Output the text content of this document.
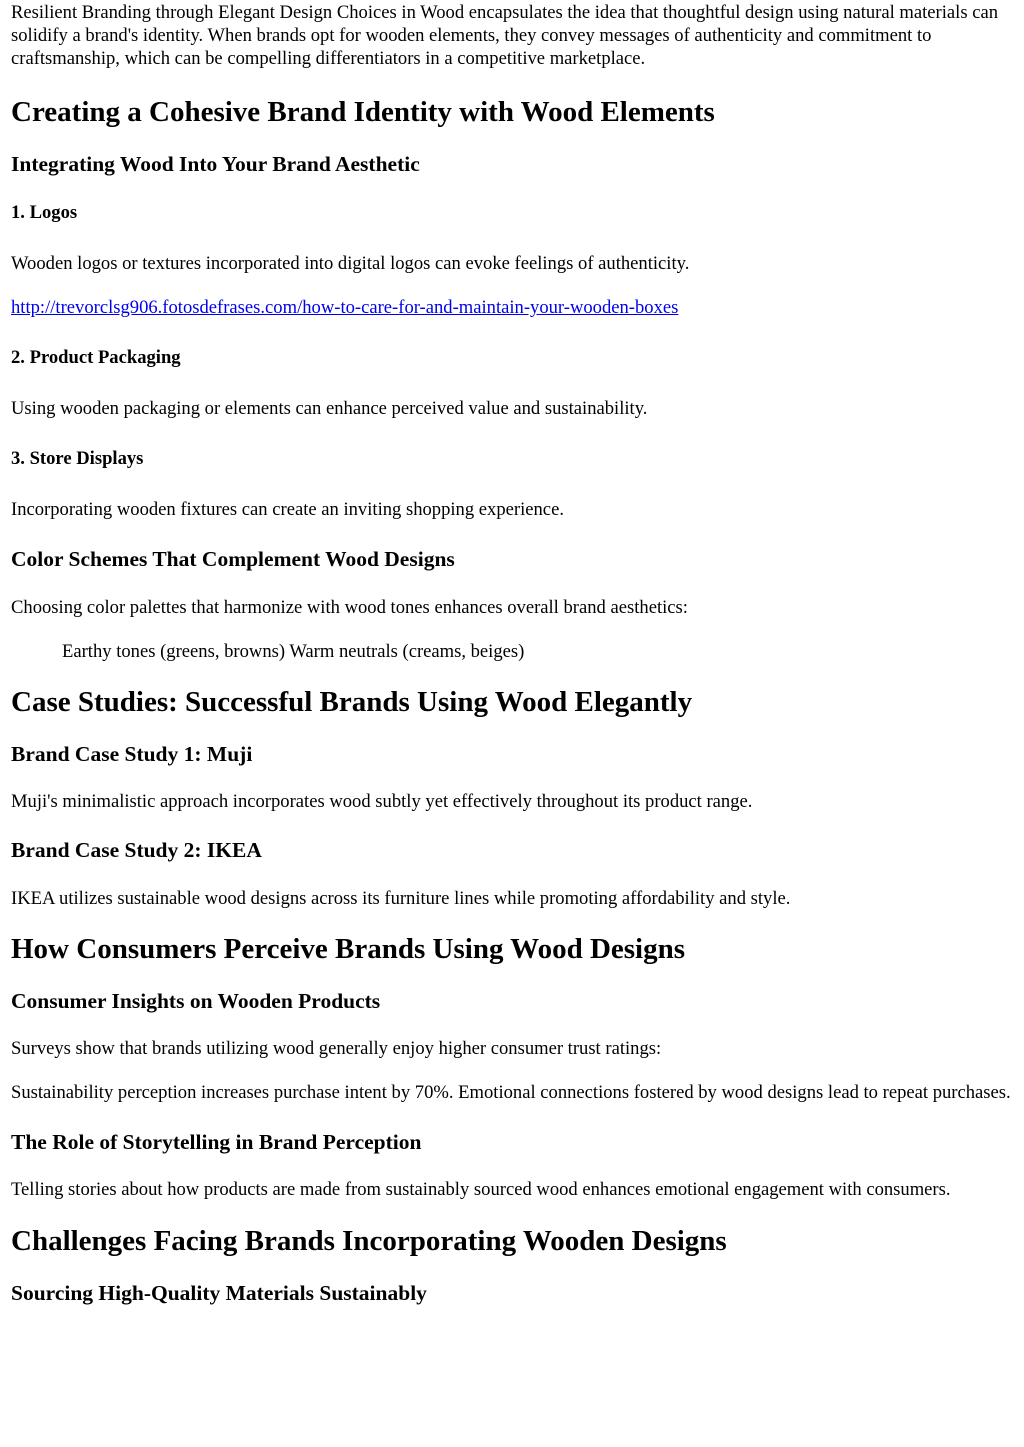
Resilient Branding through Elegant Design Choices in Wood encapsulates the idea that thoughtful design using natural materials can solidify a brand's identity. When brands opt for wooden elements, they convey messages of authenticity and commitment to craftsmanship, which can be compelling differentiators in a competitive marketplace.

Creating a Cohesive Brand Identity with Wood Elements
Integrating Wood Into Your Brand Aesthetic
1. Logos

Wooden logos or textures incorporated into digital logos can evoke feelings of authenticity.

http://trevorclsg906.fotosdefrases.com/how-to-care-for-and-maintain-your-wooden-boxes

2. Product Packaging

Using wooden packaging or elements can enhance perceived value and sustainability.

3. Store Displays

Incorporating wooden fixtures can create an inviting shopping experience.

Color Schemes That Complement Wood Designs

Choosing color palettes that harmonize with wood tones enhances overall brand aesthetics:

Earthy tones (greens, browns) Warm neutrals (creams, beiges)

Case Studies: Successful Brands Using Wood Elegantly
Brand Case Study 1: Muji

Muji's minimalistic approach incorporates wood subtly yet effectively throughout its product range.

Brand Case Study 2: IKEA

IKEA utilizes sustainable wood designs across its furniture lines while promoting affordability and style.

How Consumers Perceive Brands Using Wood Designs
Consumer Insights on Wooden Products

Surveys show that brands utilizing wood generally enjoy higher consumer trust ratings:

Sustainability perception increases purchase intent by 70%. Emotional connections fostered by wood designs lead to repeat purchases.

The Role of Storytelling in Brand Perception

Telling stories about how products are made from sustainably sourced wood enhances emotional engagement with consumers.

Challenges Facing Brands Incorporating Wooden Designs
Sourcing High-Quality Materials Sustainably
